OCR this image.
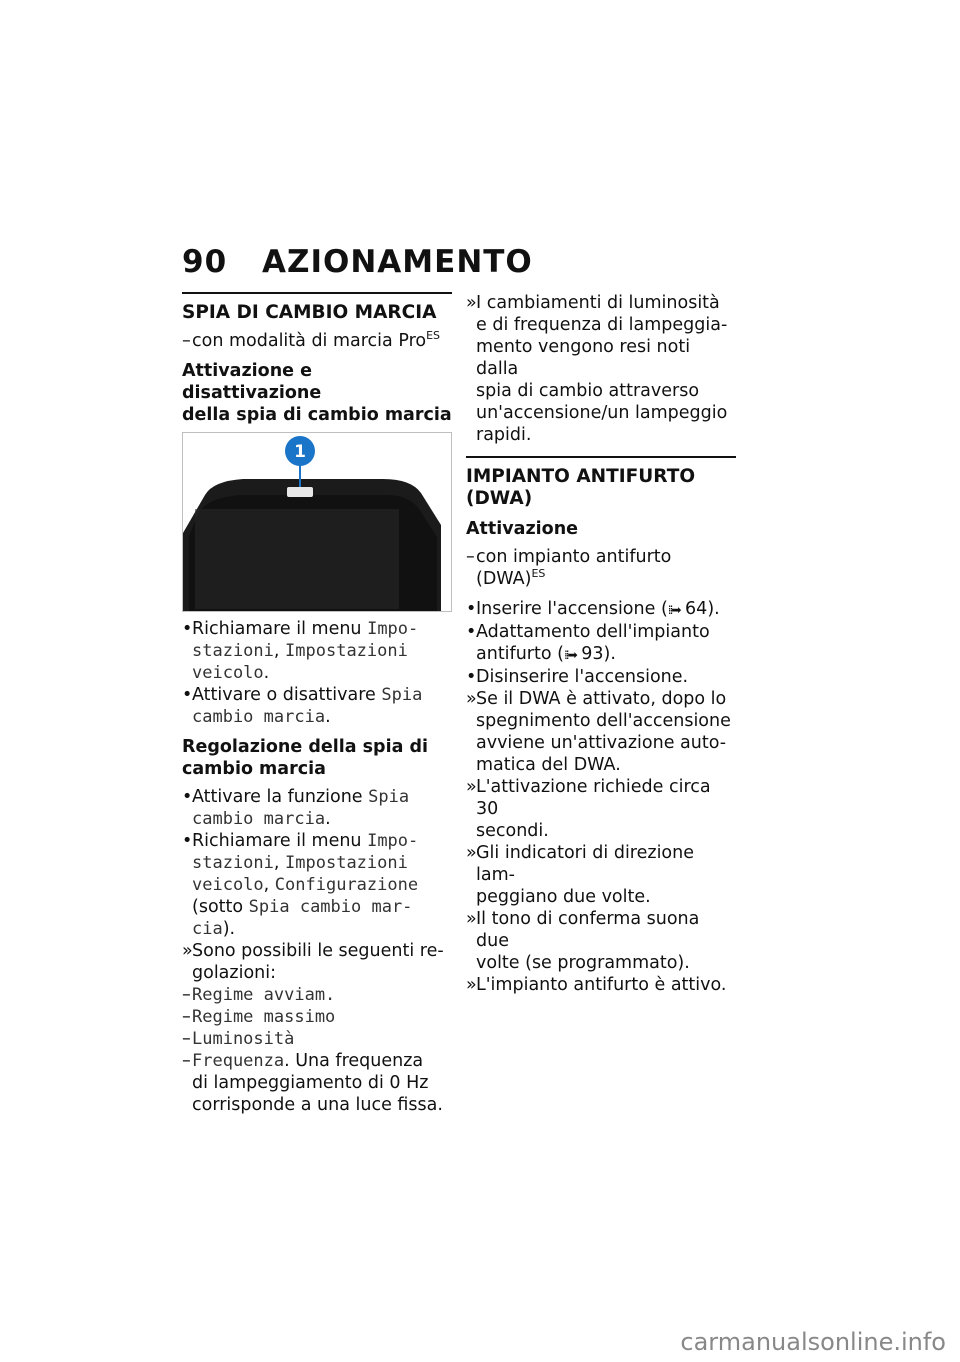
90 AZIONAMENTO
SPIA DI CAMBIO MARCIA
– con modalità di marcia Pro$^{ES}$
Attivazione e disattivazione
della spia di cambio marcia
1
• Richiamare il menu Impo-
stazioni, Impostazioni
veicolo.
• Attivare o disattivare Spia
cambio marcia.
Regolazione della spia di
cambio marcia
• Attivare la funzione Spia
cambio marcia.
• Richiamare il menu Impo-
stazioni, Impostazioni
veicolo, Configurazione
(sotto Spia cambio mar-
cia).
» Sono possibili le seguenti re-
golazioni:
– Regime avviam.
– Regime massimo
– Luminosità
– Frequenza. Una frequenza
di lampeggiamento di 0 Hz
corrisponde a una luce fissa.
» I cambiamenti di luminosità
e di frequenza di lampeggia-
mento vengono resi noti dalla
spia di cambio attraverso
un'accensione/un lampeggio
rapidi.
IMPIANTO ANTIFURTO
(DWA)
Attivazione
– con impianto antifurto
(DWA)$^{ES}$
• Inserire l'accensione (⁞⁞➡ 64).
• Adattamento dell'impianto
antifurto (⁞⁞➡ 93).
• Disinserire l'accensione.
» Se il DWA è attivato, dopo lo
spegnimento dell'accensione
avviene un'attivazione auto-
matica del DWA.
» L'attivazione richiede circa 30
secondi.
» Gli indicatori di direzione lam-
peggiano due volte.
» Il tono di conferma suona due
volte (se programmato).
» L'impianto antifurto è attivo.
carmanualsonline.info
